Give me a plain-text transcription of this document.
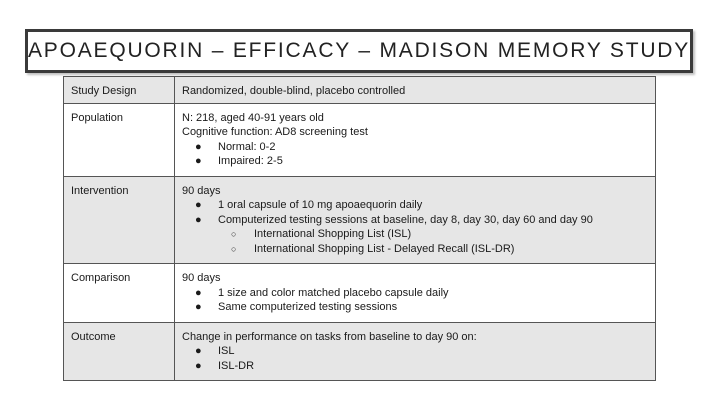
APOAEQUORIN – EFFICACY – MADISON MEMORY STUDY
Study Design	Randomized, double-blind, placebo controlled

Population	N: 218, aged 40-91 years old
Cognitive function: AD8 screening test
● Normal: 0-2
● Impaired: 2-5

Intervention	90 days
● 1 oral capsule of 10 mg apoaequorin daily
● Computerized testing sessions at baseline, day 8, day 30, day 60 and day 90
○ International Shopping List (ISL)
○ International Shopping List - Delayed Recall (ISL-DR)

Comparison	90 days
● 1 size and color matched placebo capsule daily
● Same computerized testing sessions

Outcome	Change in performance on tasks from baseline to day 90 on:
● ISL
● ISL-DR
